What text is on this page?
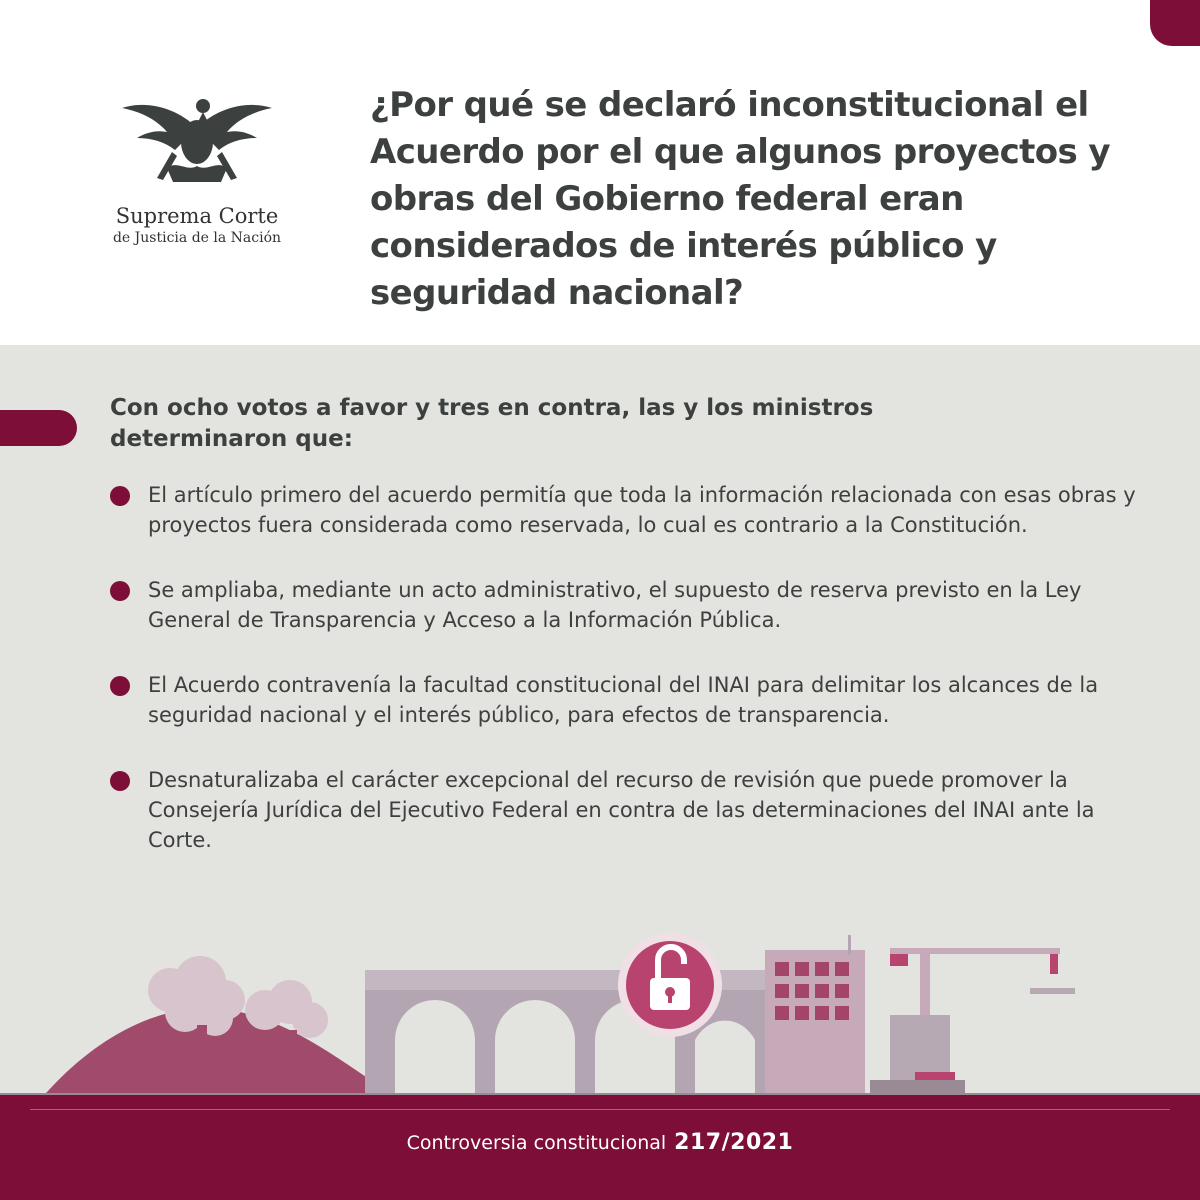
Suprema Corte
de Justicia de la Nación
¿Por qué se declaró inconstitucional el Acuerdo por el que algunos proyectos y obras del Gobierno federal eran considerados de interés público y seguridad nacional?
Con ocho votos a favor y tres en contra, las y los ministros determinaron que:
El artículo primero del acuerdo permitía que toda la información relacionada con esas obras y proyectos fuera considerada como reservada, lo cual es contrario a la Constitución.
Se ampliaba, mediante un acto administrativo, el supuesto de reserva previsto en la Ley General de Transparencia y Acceso a la Información Pública.
El Acuerdo contravenía la facultad constitucional del INAI para delimitar los alcances de la seguridad nacional y el interés público, para efectos de transparencia.
Desnaturalizaba el carácter excepcional del recurso de revisión que puede promover la Consejería Jurídica del Ejecutivo Federal en contra de las determinaciones del INAI ante la Corte.
Controversia constitucional 217/2021
